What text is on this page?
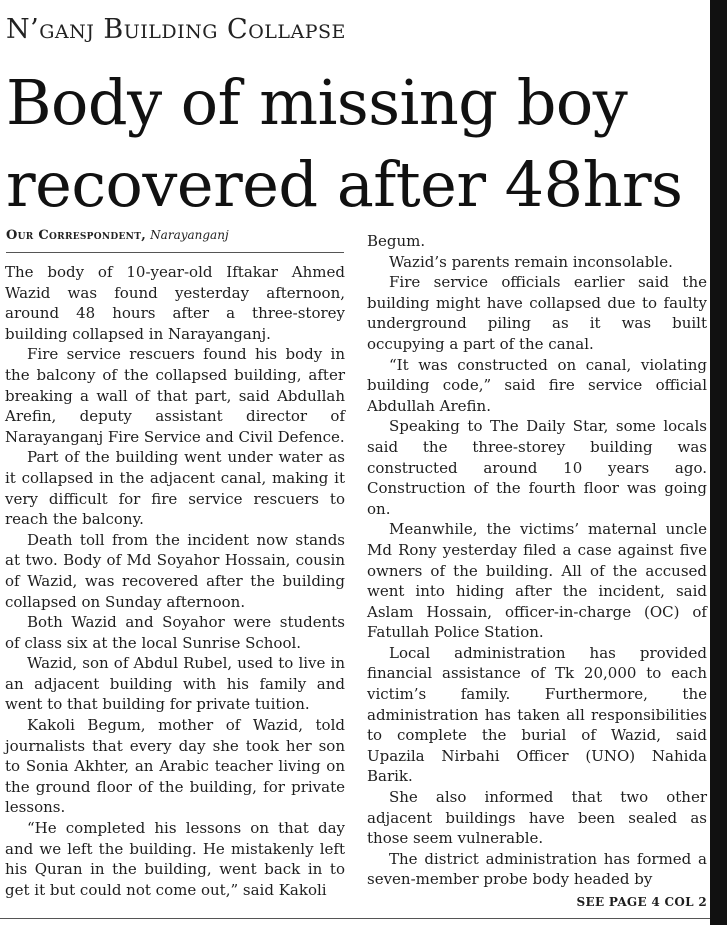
N’ganj Building Collapse
Body of missing boy recovered after 48hrs
Our Correspondent, Narayanganj

The body of 10-year-old Iftakar Ahmed Wazid was found yesterday afternoon, around 48 hours after a three-storey building collapsed in Narayanganj.

Fire service rescuers found his body in the balcony of the collapsed building, after breaking a wall of that part, said Abdullah Arefin, deputy assistant director of Narayanganj Fire Service and Civil Defence.

Part of the building went under water as it collapsed in the adjacent canal, making it very difficult for fire service rescuers to reach the balcony.

Death toll from the incident now stands at two. Body of Md Soyahor Hossain, cousin of Wazid, was recovered after the building collapsed on Sunday afternoon.

Both Wazid and Soyahor were students of class six at the local Sunrise School.

Wazid, son of Abdul Rubel, used to live in an adjacent building with his family and went to that building for private tuition.

Kakoli Begum, mother of Wazid, told journalists that every day she took her son to Sonia Akhter, an Arabic teacher living on the ground floor of the building, for private lessons.

“He completed his lessons on that day and we left the building. He mistakenly left his Quran in the building, went back in to get it but could not come out,” said Kakoli

Begum.

Wazid’s parents remain inconsolable.

Fire service officials earlier said the building might have collapsed due to faulty underground piling as it was built occupying a part of the canal.

“It was constructed on canal, violating building code,” said fire service official Abdullah Arefin.

Speaking to The Daily Star, some locals said the three-storey building was constructed around 10 years ago. Construction of the fourth floor was going on.

Meanwhile, the victims’ maternal uncle Md Rony yesterday filed a case against five owners of the building. All of the accused went into hiding after the incident, said Aslam Hossain, officer-in-charge (OC) of Fatullah Police Station.

Local administration has provided financial assistance of Tk 20,000 to each victim’s family. Furthermore, the administration has taken all responsibilities to complete the burial of Wazid, said Upazila Nirbahi Officer (UNO) Nahida Barik.

She also informed that two other adjacent buildings have been sealed as those seem vulnerable.

The district administration has formed a seven-member probe body headed by

SEE PAGE 4 COL 2
